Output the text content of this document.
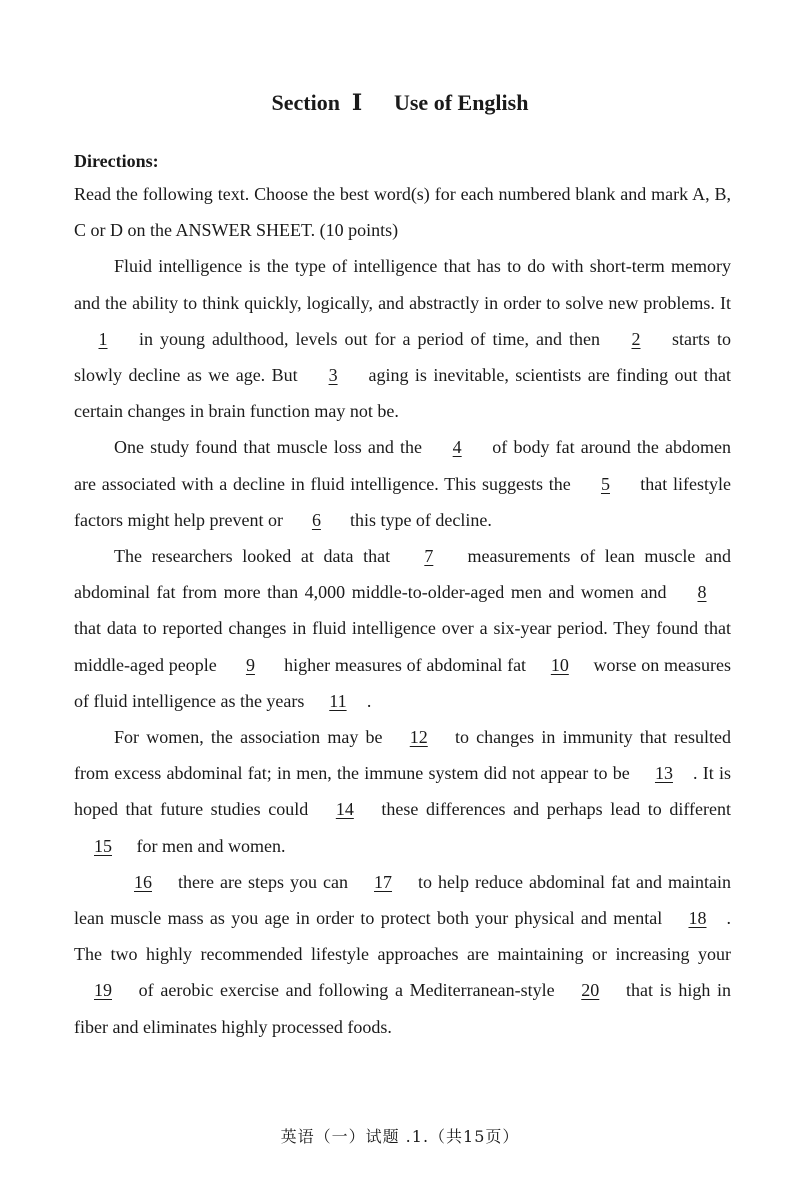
Section Ⅰ Use of English
Directions:

Read the following text. Choose the best word(s) for each numbered blank and mark A, B, C or D on the ANSWER SHEET. (10 points)

Fluid intelligence is the type of intelligence that has to do with short-term memory and the ability to think quickly, logically, and abstractly in order to solve new problems. It 1 in young adulthood, levels out for a period of time, and then 2 starts to slowly decline as we age. But 3 aging is inevitable, scientists are finding out that certain changes in brain function may not be.

One study found that muscle loss and the 4 of body fat around the abdomen are associated with a decline in fluid intelligence. This suggests the 5 that lifestyle factors might help prevent or 6 this type of decline.

The researchers looked at data that 7 measurements of lean muscle and abdominal fat from more than 4,000 middle-to-older-aged men and women and 8 that data to reported changes in fluid intelligence over a six-year period. They found that middle-aged people 9 higher measures of abdominal fat 10 worse on measures of fluid intelligence as the years 11 .

For women, the association may be 12 to changes in immunity that resulted from excess abdominal fat; in men, the immune system did not appear to be 13 . It is hoped that future studies could 14 these differences and perhaps lead to different 15 for men and women.

16 there are steps you can 17 to help reduce abdominal fat and maintain lean muscle mass as you age in order to protect both your physical and mental 18 . The two highly recommended lifestyle approaches are maintaining or increasing your 19 of aerobic exercise and following a Mediterranean-style 20 that is high in fiber and eliminates highly processed foods.

英语（一）试题 .1.（共15页）
